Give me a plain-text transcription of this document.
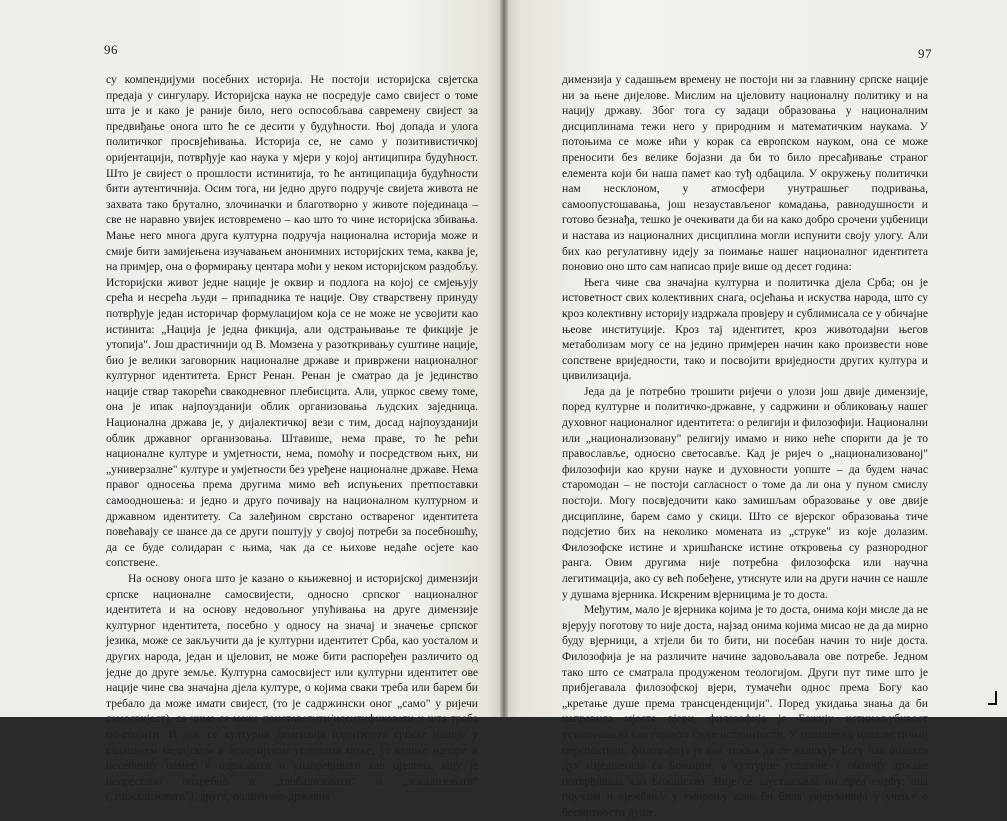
96

су компендијуми посебних историја. Не постоји историјска свјетска предаја у сингулару. Историјска наука не посредује само свијест о томе шта је и како је раније било, него оспособљава савремену свијест за предвиђање онога што ће се десити у будућности. Њој допада и улога политичког просвјећивања. Историја се, не само у позитивистичкој оријентацији, потврђује као наука у мјери у којој антиципира будућност. Што је свијест о прошлости истинитија, то ће антиципација будућности бити аутентичнија. Осим тога, ни једно друго подручје свијета живота не захвата тако брутално, злочиначки и благотворно у животе појединаца – све не наравно увијек истовремено – као што то чине историјска збивања. Мање него многа друга културна подручја национална историја може и смије бити замијењена изучавањем анонимних историјских тема, каква је, на примјер, она о формирању центара моћи у неком историјском раздобљу. Историјски живот једне нације је оквир и подлога на којој се смјењују срећа и несрећа људи – припадника те нације. Ову стварствену принуду потврђује један историчар формулацијом која се не може не усвојити као истинита: „Нација је једна фикција, али одстрањивање те фикције је утопија". Још драстичнији од В. Момзена у разоткривању суштине нације, био је велики заговорник националне државе и привржени националног културног идентитета. Ернст Ренан. Ренан је сматрао да је јединство нације ствар такореħи свакодневног плебисцита. Али, упркос свему томе, она је ипак најпоузданији облик организовања људских заједница. Национална држава је, у дијалектичкој вези с тим, досад најпоузданији облик државног организовања. Штавише, нема праве, то ће рећи националне културе и умјетности, нема, помоћу и посредством њих, ни „универзалне" културе и умјетности без уређене националне државе. Нема правог односења према другима мимо већ испуњених претпоставки самоодношења: и једно и друго почивају на националном културном и државном идентитету. Са залеђином сврстано оствареног идентитета повећавају се шансе да се други поштују у својој потреби за посебношћу, да се буде солидаран с њима, чак да се њихове недаће осјете као сопствене.

На основу онога што је казано о књижевној и историјској димензији српске националне самосвијести, односно српског националног идентитета и на основу недовољног упућивања на друге димензије културног идентитета, посебно у односу на значај и значење српског језика, може се закључити да је културни идентитет Срба, као уосталом и других народа, један и цјеловит, не може бити распоређен различито од једне до друге земље. Културна самосвијест или културни идентитет ове нације чине сва значајна дјела културе, о којима сваки треба или барем би требало да може имати свијест, (то је садржински оног „само" у ријечи самосвијест), са чиме се може поистоветити/идентификовати и шта треба по-своjити. И док се културна димензија идентитета српске нације у садашњем медијском и историјском условима може, уз велике напоре и несебичну памет, и одржавати и унапређивати као цјелина, коју је непрестано потребно и „глобализовати" и „локализовати" („глокализовати"), друга, политичко-државна

97

димензија у садашњем времену не постоји ни за главнину српске нације ни за њене дијелове. Мислим на цјеловиту националну политику и на нацију државу. Због тога су задаци образовања у националним дисциплинама тежи него у природним и математичким наукама. У потоњима се може ићи у корак са европском науком, она се може преносити без велике бојазни да би то било пресађивање страног елемента који би наша памет као туђ одбацила. У окружењу политички нам несклоном, у атмосфери унутрашњег подривања, самоопустошавања, још незаустављеног комадања, равнодушности и готово безнађа, тешко је очекивати да би на како добро срочени уџбеници и настава из националних дисциплина могли испунити своју улогу. Али бих као регулативну идеју за поимање нашег националног идентитета поновио оно што сам написао прије више од десет година:

Њега чине сва значајна културна и политичка дјела Срба; он је истоветност свих колективних снага, осјећања и искуства народа, што су кроз колективну историју издржала провјеру и сублимисала се у обичајне њеове институције. Кроз тај идентитет, кроз животодајни његов метаболизам могу се на једино примјерен начин како произвести нове сопствене вриједности, тако и посвојити вриједности других култура и цивилизација.

Једа да је потребно трошити ријечи о улози још двије димензије, поред културне и политичко-државне, у садржини и обликовању нашег духовног националног идентитета: о религији и филозофији. Национални или „национализовану" религију имамо и нико неће спорити да је то православље, односно светосавље. Кад је ријеч о „национализованој" филозофији као круни науке и духовности уопште – да будем начас старомодан – не постоји сагласност о томе да ли она у пуном смислу постоји. Могу посвједочити како замишљам образовање у ове двије дисциплине, барем само у скици. Што се вјерског образовања тиче подсјетио бих на неколико момената из „струке" из које долазим. Филозофске истине и хришћанске истине откровења су разнородног ранга. Овим другима није потребна филозофска или научна легитимација, ако су већ побеђене, утиснуте или на други начин се нашле у душама вјерника. Искреним вјерницима је то доста.

Међутим, мало је вјерника којима је то доста, онима који мисле да не вјерују поготову то није доста, најзад онима којима мисао не да да мирно буду вјерници, а хтјели би то бити, ни посебан начин то није доста. Филозофија је на различите начине задовољавала ове потребе. Једном тако што се сматрала продуженом теологијом. Други пут тиме што је прибјегавала филозофској вјери, тумачећи однос према Богу као „кретање душе према трансценденцији". Поред укидања знања да би направила мјеста вјери, филозофија је Божију истинољубивост устоличавала као гаранта своје истинитости. У повишеној идеалистичкој перспективи, филозофија је као тежња да се наликује Богу чак опшити дух изједначила са Божијим, а културне установе у обличју државе потврђивала као Божанство. Није се заустављала ни пред смрћу: она поучава и вјежбању у умирању како би била увјерљивија у учењу о бесмртности душе.
